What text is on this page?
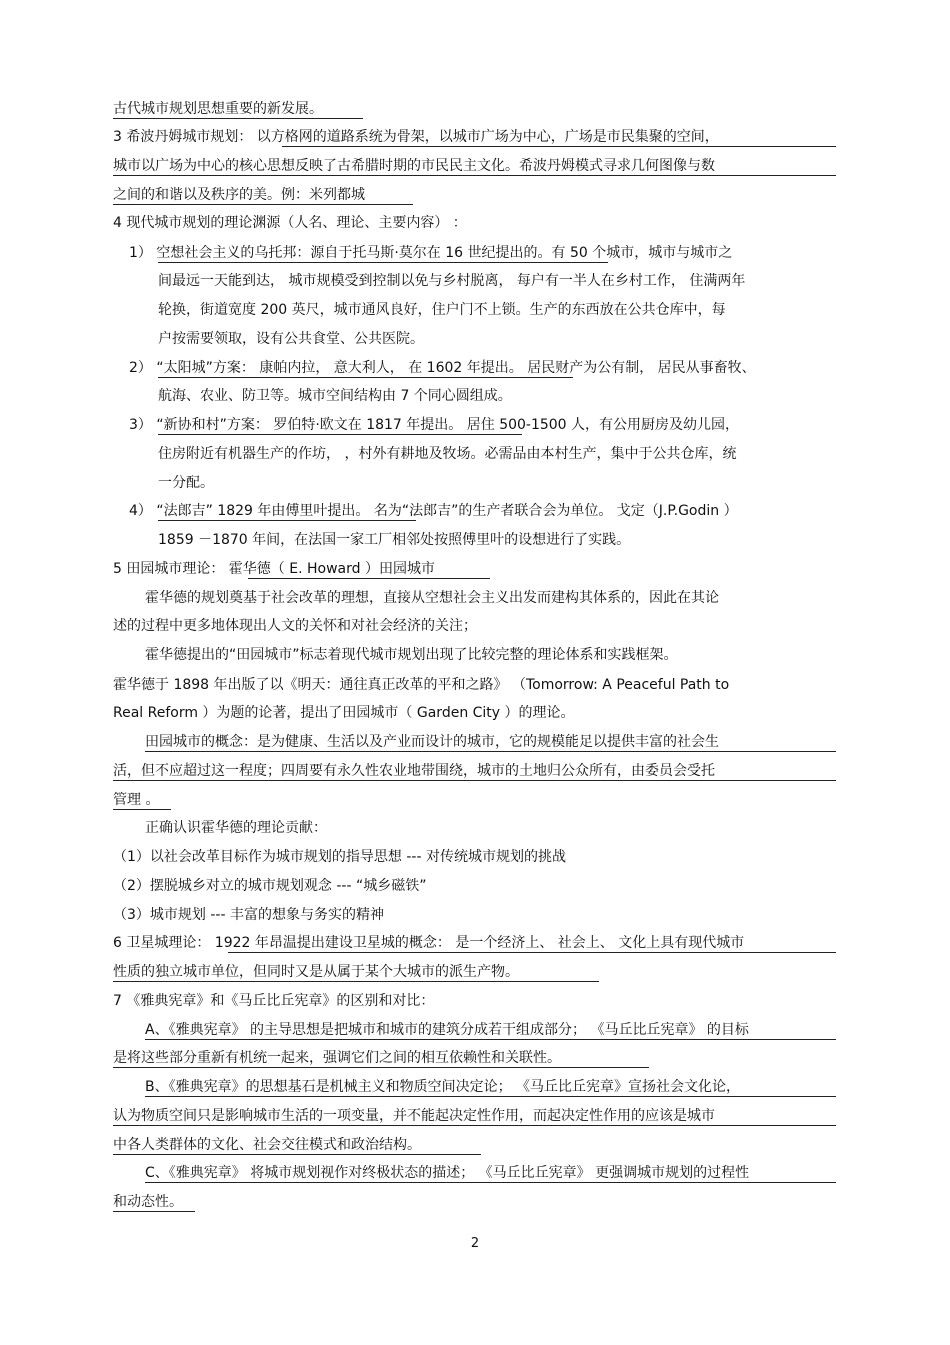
古代城市规划思想重要的新发展。
3 希波丹姆城市规划： 以方格网的道路系统为骨架，以城市广场为中心，广场是市民集聚的空间，
城市以广场为中心的核心思想反映了古希腊时期的市民民主文化。希波丹姆模式寻求几何图像与数
之间的和谐以及秩序的美。例：米列都城
4 现代城市规划的理论渊源（人名、理论、主要内容） ：
1） 空想社会主义的乌托邦：源自于托马斯·莫尔在 16 世纪提出的。有 50 个城市，城市与城市之
间最远一天能到达， 城市规模受到控制以免与乡村脱离， 每户有一半人在乡村工作， 住满两年
轮换，街道宽度 200 英尺，城市通风良好，住户门不上锁。生产的东西放在公共仓库中，每
户按需要领取，设有公共食堂、公共医院。
2） “太阳城”方案： 康帕内拉， 意大利人， 在 1602 年提出。 居民财产为公有制， 居民从事畜牧、
航海、农业、防卫等。城市空间结构由 7 个同心圆组成。
3） “新协和村”方案： 罗伯特·欧文在 1817 年提出。 居住 500-1500 人，有公用厨房及幼儿园，
住房附近有机器生产的作坊， ，村外有耕地及牧场。必需品由本村生产，集中于公共仓库，统
一分配。
4） “法郎吉” 1829 年由傅里叶提出。 名为“法郎吉”的生产者联合会为单位。 戈定（J.P.Godin ）
1859 －1870 年间，在法国一家工厂相邻处按照傅里叶的设想进行了实践。
5 田园城市理论： 霍华德（ E. Howard ）田园城市
霍华德的规划奠基于社会改革的理想，直接从空想社会主义出发而建构其体系的，因此在其论
述的过程中更多地体现出人文的关怀和对社会经济的关注；
霍华德提出的“田园城市”标志着现代城市规划出现了比较完整的理论体系和实践框架。
霍华德于 1898 年出版了以《明天：通往真正改革的平和之路》 （Tomorrow: A Peaceful Path to
Real Reform ）为题的论著，提出了田园城市（ Garden City ）的理论。
田园城市的概念：是为健康、生活以及产业而设计的城市，它的规模能足以提供丰富的社会生
活，但不应超过这一程度；四周要有永久性农业地带围绕，城市的土地归公众所有，由委员会受托
管理 。
正确认识霍华德的理论贡献：
（1）以社会改革目标作为城市规划的指导思想 --- 对传统城市规划的挑战
（2）摆脱城乡对立的城市规划观念 --- “城乡磁铁”
（3）城市规划 --- 丰富的想象与务实的精神
6 卫星城理论： 1922 年昂温提出建设卫星城的概念： 是一个经济上、 社会上、 文化上具有现代城市
性质的独立城市单位，但同时又是从属于某个大城市的派生产物。
7 《雅典宪章》和《马丘比丘宪章》的区别和对比：
A、《雅典宪章》 的主导思想是把城市和城市的建筑分成若干组成部分； 《马丘比丘宪章》 的目标
是将这些部分重新有机统一起来，强调它们之间的相互依赖性和关联性。
B、《雅典宪章》的思想基石是机械主义和物质空间决定论； 《马丘比丘宪章》宣扬社会文化论，
认为物质空间只是影响城市生活的一项变量，并不能起决定性作用，而起决定性作用的应该是城市
中各人类群体的文化、社会交往模式和政治结构。
C、《雅典宪章》 将城市规划视作对终极状态的描述； 《马丘比丘宪章》 更强调城市规划的过程性
和动态性。
2
